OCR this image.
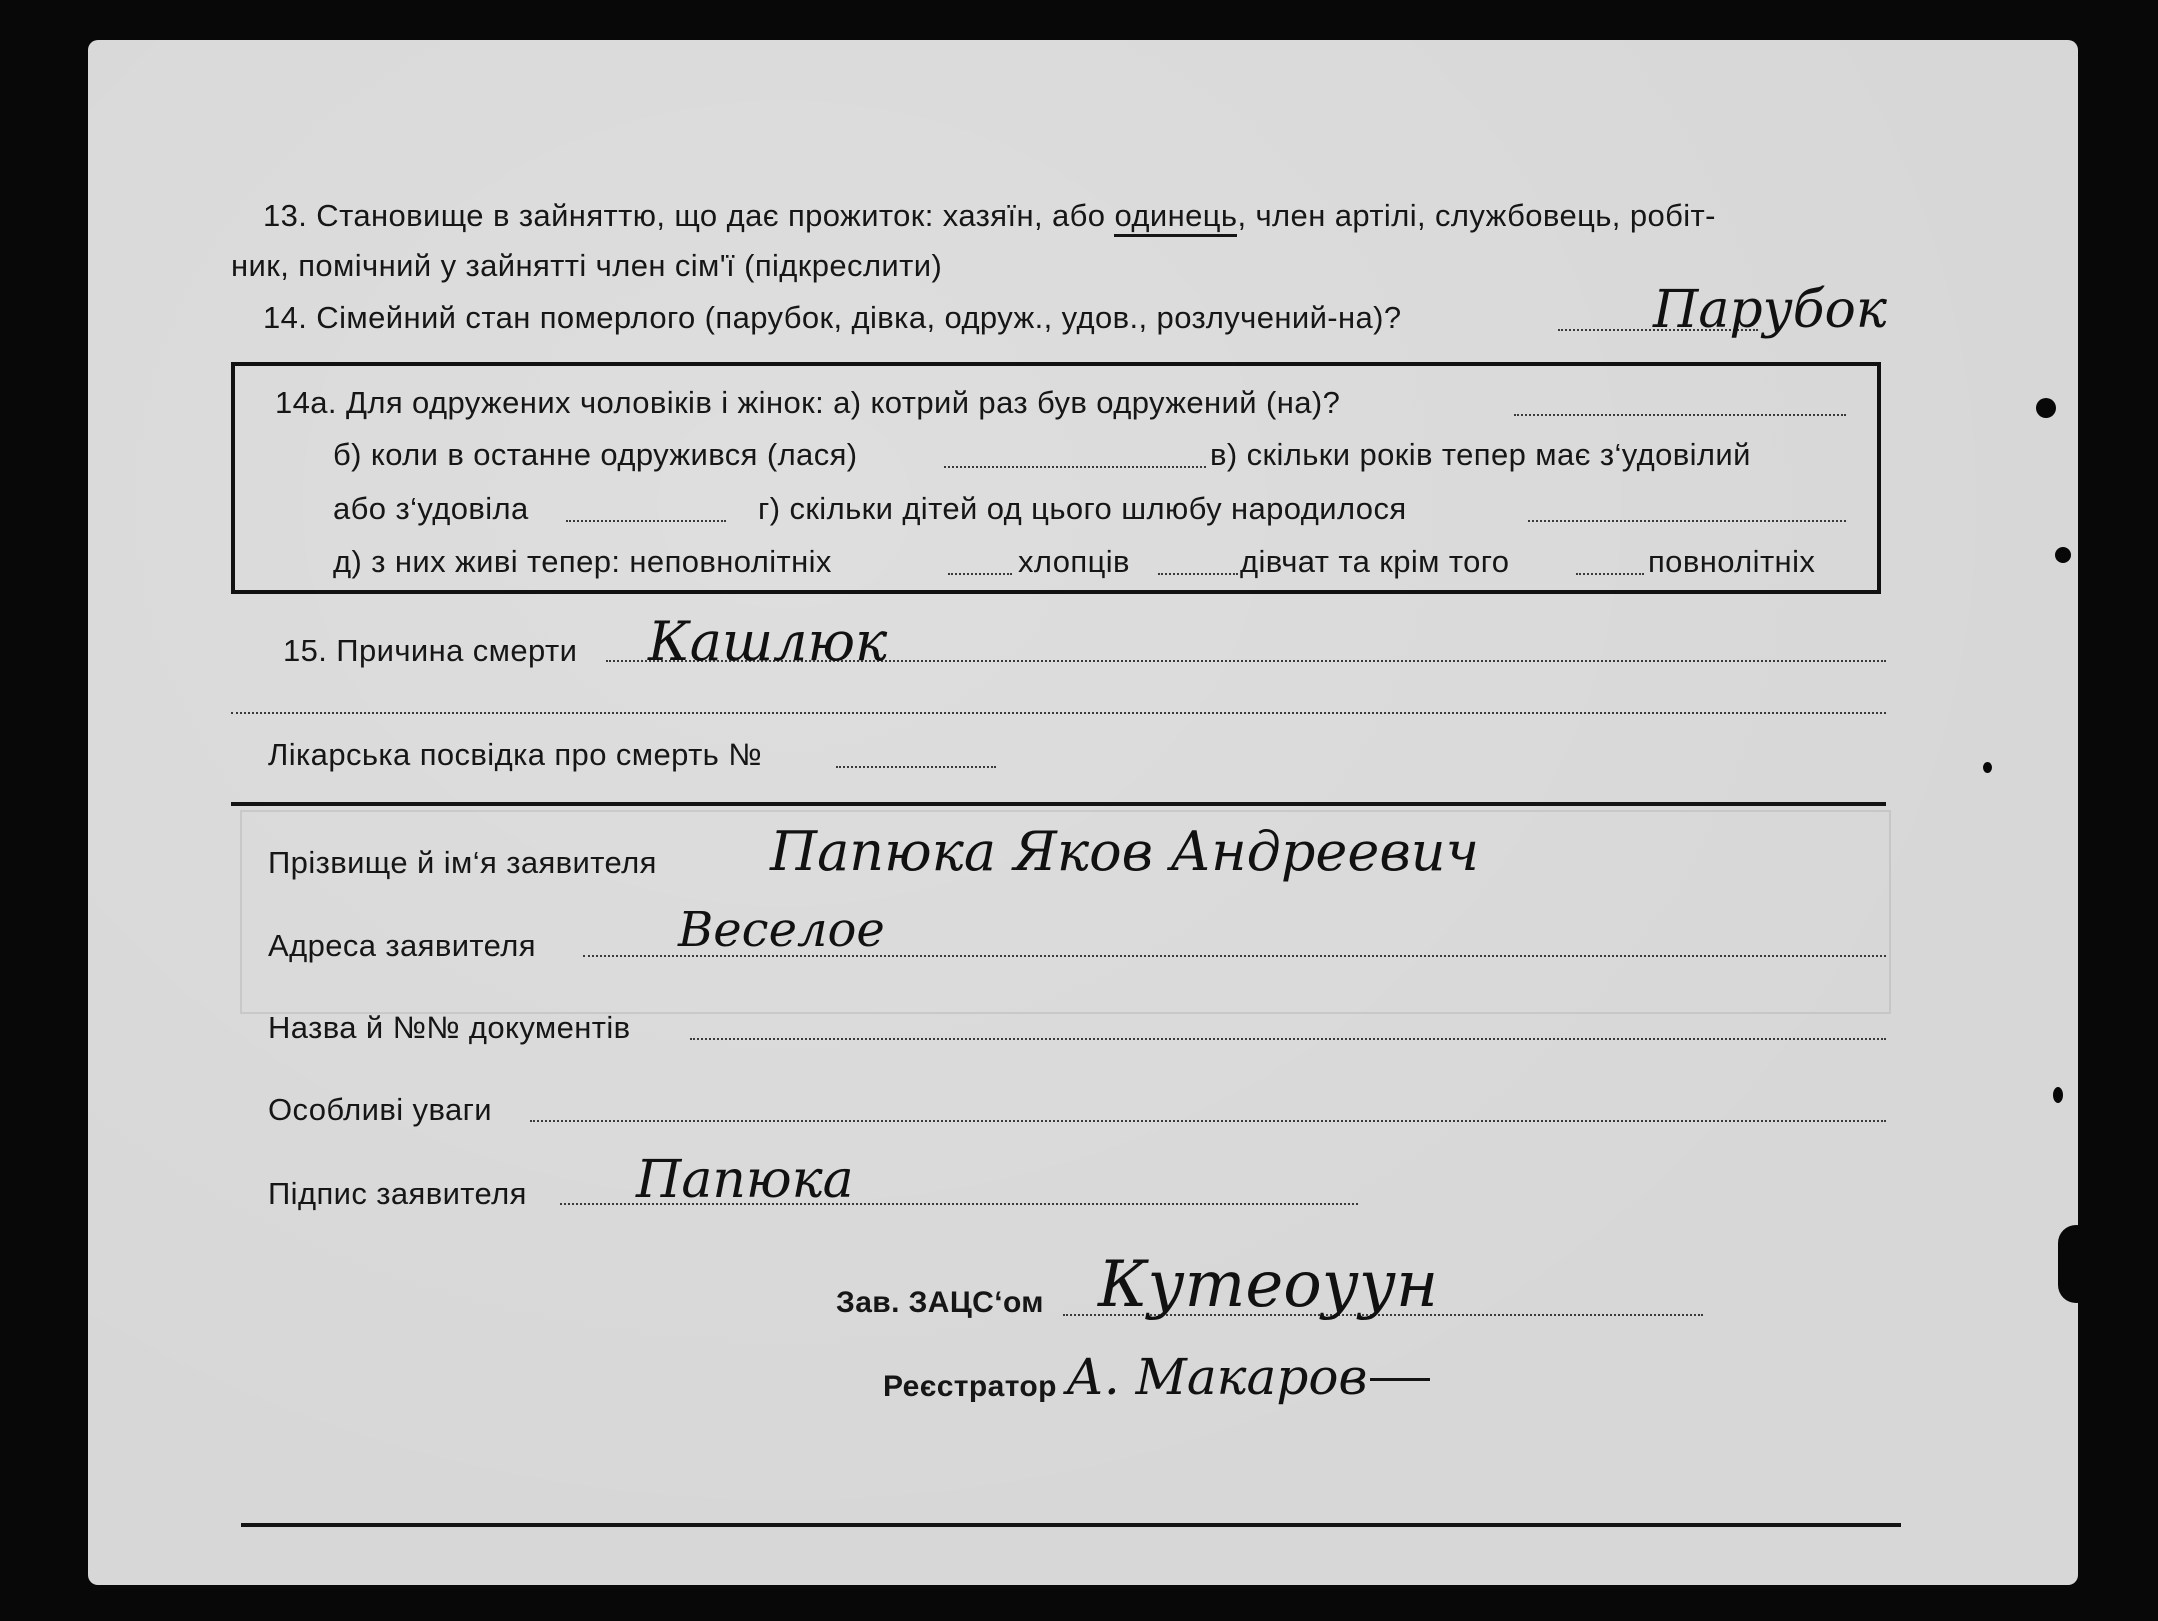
13. Становище в зайняттю, що дає прожиток: хазяїн, або одинець, член артілі, службовець, робіт-
ник, помічний у зайнятті член сім'ї (підкреслити)
14. Сімейний стан померлого (парубок, дівка, одруж., удов., розлучений-на)?	Парубок
14а. Для одружених чоловіків і жінок: а) котрий раз був одружений (на)?
б) коли в останне одружився (лася)	в) скільки років тепер має з‘удовілий
або з‘удовіла	г) скільки дітей од цього шлюбу народилося
д) з них живі тепер: неповнолітніх	хлопців	дівчат та крім того	повнолітніх
15. Причина смерти Кашлюк
Лікарська посвідка про смерть №
Прізвище й ім‘я заявителя Папюка Яков Андреевич
Адреса заявителя	Веселое
Назва й №№ документів
Особливі уваги
Підпис заявителя Папюка
Зав. ЗАЦС‘ом Кутеоуун
Реєстратор А. Макаров
